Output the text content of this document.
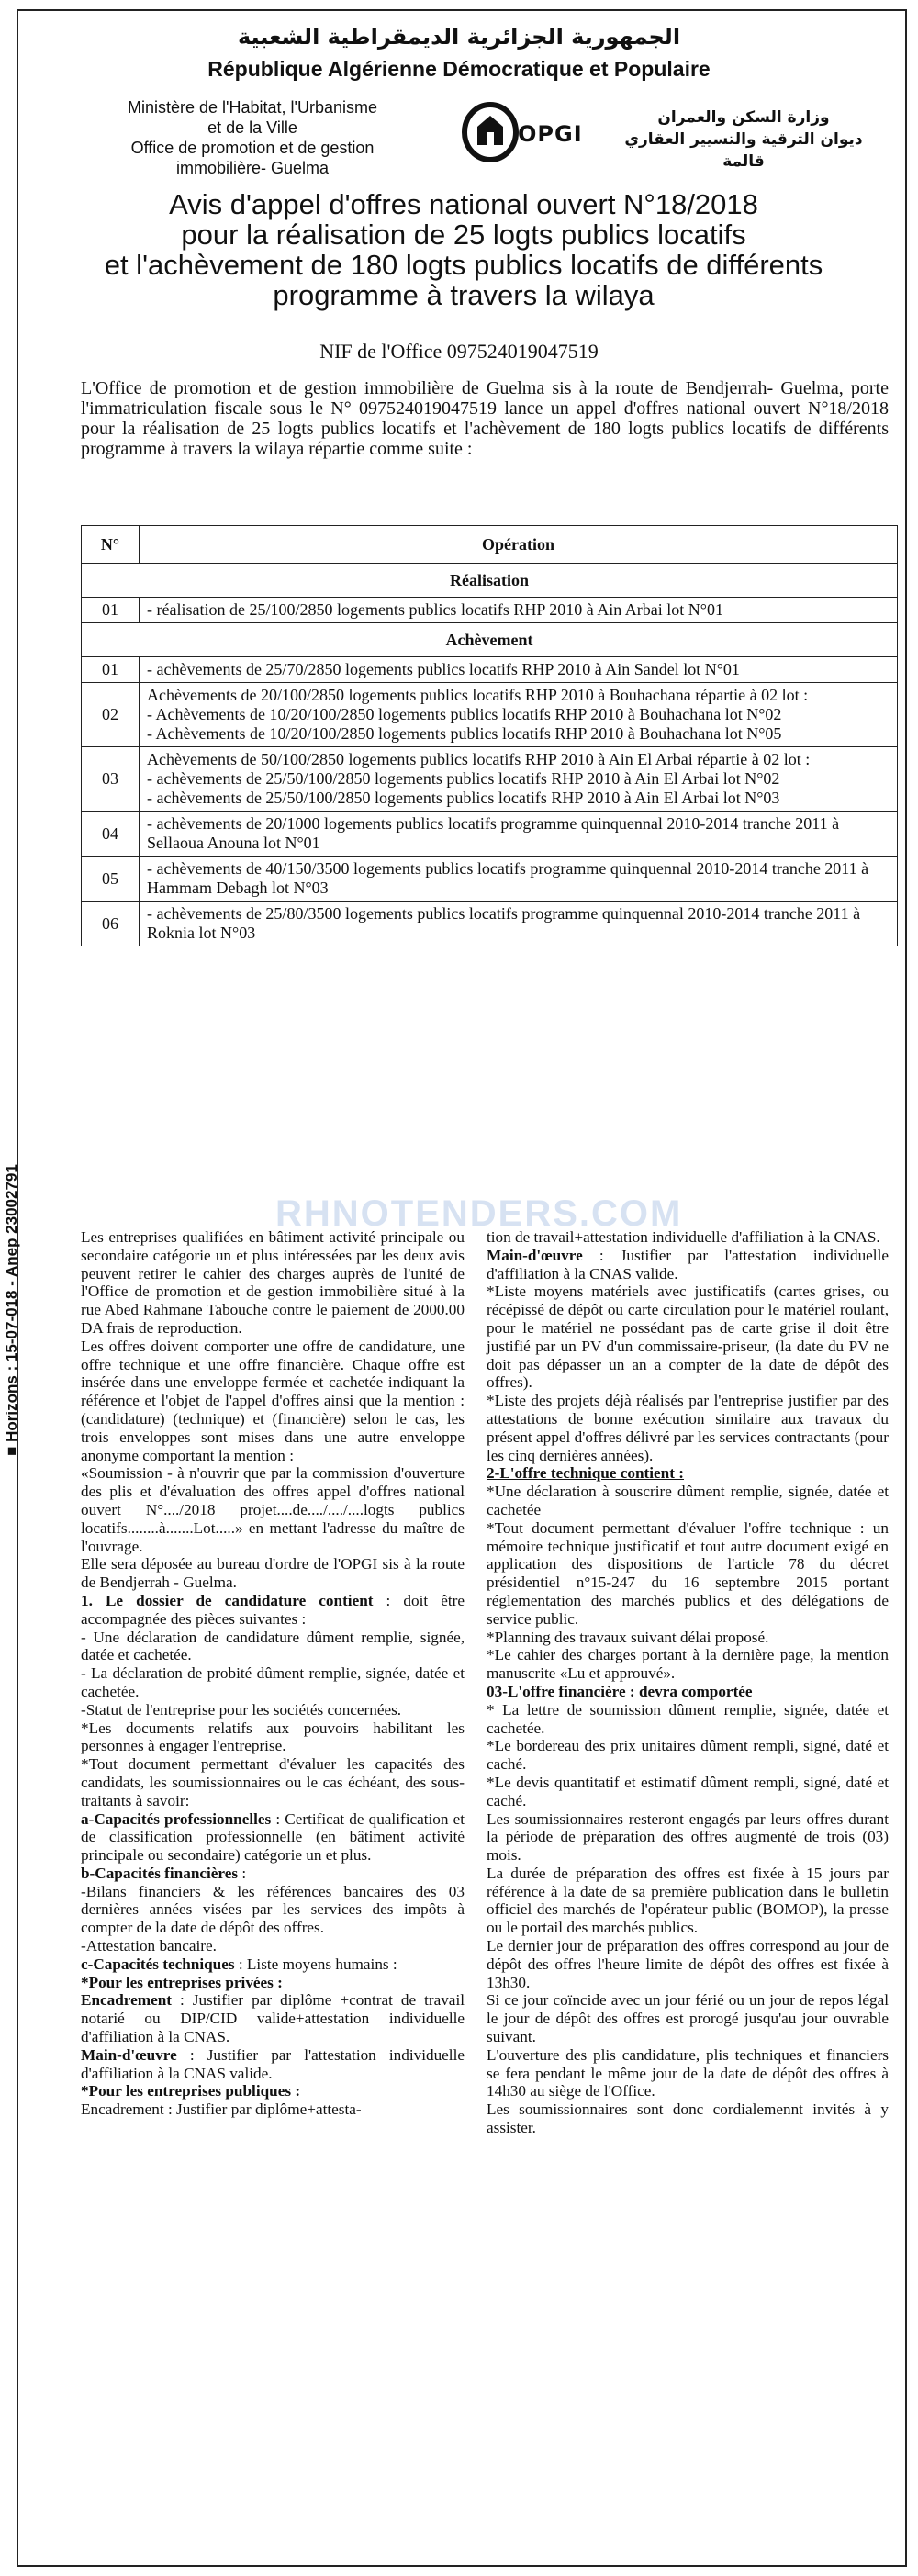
■ Horizons : 15-07-018 - Anep 23002791
الجمهورية الجزائرية الديمقراطية الشعبية
République Algérienne Démocratique et Populaire
Ministère de l'Habitat, l'Urbanisme
et de la Ville
Office de promotion et de gestion
immobilière- Guelma
OPGI
وزارة السكن والعمران
ديوان الترقية والتسيير العقاري
قالمة
Avis d'appel d'offres national ouvert N°18/2018
pour la réalisation de 25 logts publics locatifs
et l'achèvement de 180 logts publics locatifs de différents
programme à travers la wilaya
NIF de l'Office 097524019047519
L'Office de promotion et de gestion immobilière de Guelma sis à la route de Bendjerrah- Guelma, porte l'immatriculation fiscale sous le N° 097524019047519 lance un appel d'offres national ouvert N°18/2018 pour la réalisation de 25 logts publics locatifs et l'achèvement de 180 logts publics locatifs de différents programme à travers la wilaya répartie comme suite :
N°	Opération
Réalisation	
01	- réalisation de 25/100/2850 logements publics locatifs RHP 2010 à Ain Arbai lot N°01

Achèvement	
01	- achèvements de 25/70/2850 logements publics locatifs RHP 2010 à Ain Sandel lot N°01

02	Achèvements de 20/100/2850 logements publics locatifs RHP 2010 à Bouhachana répartie à 02 lot :
- Achèvements de 10/20/100/2850 logements publics locatifs RHP 2010 à Bouhachana lot N°02
- Achèvements de 10/20/100/2850 logements publics locatifs RHP 2010 à Bouhachana lot N°05

03	Achèvements de 50/100/2850 logements publics locatifs RHP 2010 à Ain El Arbai répartie à 02 lot :
- achèvements de 25/50/100/2850 logements publics locatifs RHP 2010 à Ain El Arbai lot N°02
- achèvements de 25/50/100/2850 logements publics locatifs RHP 2010 à Ain El Arbai lot N°03

04	- achèvements de 20/1000 logements publics locatifs programme quinquennal 2010-2014 tranche 2011 à Sellaoua Anouna lot N°01

05	- achèvements de 40/150/3500 logements publics locatifs programme quinquennal 2010-2014 tranche 2011 à Hammam Debagh lot N°03

06	- achèvements de 25/80/3500 logements publics locatifs programme quinquennal 2010-2014 tranche 2011 à Roknia lot N°03
RHNOTENDERS.COM

Les entreprises qualifiées en bâtiment activité principale ou secondaire catégorie un et plus intéressées par les deux avis peuvent retirer le cahier des charges auprès de l'unité de l'Office de promotion et de gestion immobilière situé à la rue Abed Rahmane Tabouche contre le paiement de 2000.00 DA frais de reproduction.

Les offres doivent comporter une offre de candidature, une offre technique et une offre financière. Chaque offre est insérée dans une enveloppe fermée et cachetée indiquant la référence et l'objet de l'appel d'offres ainsi que la mention : (candidature) (technique) et (financière) selon le cas, les trois enveloppes sont mises dans une autre enveloppe anonyme comportant la mention :

«Soumission - à n'ouvrir que par la commission d'ouverture des plis et d'évaluation des offres appel d'offres national ouvert N°..../2018 projet....de..../..../....logts publics locatifs........à.......Lot.....» en mettant l'adresse du maître de l'ouvrage.

Elle sera déposée au bureau d'ordre de l'OPGI sis à la route de Bendjerrah - Guelma.

1. Le dossier de candidature contient : doit être accompagnée des pièces suivantes :

- Une déclaration de candidature dûment remplie, signée, datée et cachetée.

- La déclaration de probité dûment remplie, signée, datée et cachetée.

-Statut de l'entreprise pour les sociétés concernées.

*Les documents relatifs aux pouvoirs habilitant les personnes à engager l'entreprise.

*Tout document permettant d'évaluer les capacités des candidats, les soumissionnaires ou le cas échéant, des sous-traitants à savoir:

a-Capacités professionnelles : Certificat de qualification et de classification professionnelle (en bâtiment activité principale ou secondaire) catégorie un et plus.

b-Capacités financières :

-Bilans financiers & les références bancaires des 03 dernières années visées par les services des impôts à compter de la date de dépôt des offres.

-Attestation bancaire.

c-Capacités techniques : Liste moyens humains :

*Pour les entreprises privées :

Encadrement : Justifier par diplôme +contrat de travail notarié ou DIP/CID valide+attestation individuelle d'affiliation à la CNAS.

Main-d'œuvre : Justifier par l'attestation individuelle d'affiliation à la CNAS valide.

*Pour les entreprises publiques :

Encadrement : Justifier par diplôme+attesta-

tion de travail+attestation individuelle d'affiliation à la CNAS.

Main-d'œuvre : Justifier par l'attestation individuelle d'affiliation à la CNAS valide.

*Liste moyens matériels avec justificatifs (cartes grises, ou récépissé de dépôt ou carte circulation pour le matériel roulant, pour le matériel ne possédant pas de carte grise il doit être justifié par un PV d'un commissaire-priseur, (la date du PV ne doit pas dépasser un an a compter de la date de dépôt des offres).

*Liste des projets déjà réalisés par l'entreprise justifier par des attestations de bonne exécution similaire aux travaux du présent appel d'offres délivré par les services contractants (pour les cinq dernières années).

2-L'offre technique contient :

*Une déclaration à souscrire dûment remplie, signée, datée et cachetée

*Tout document permettant d'évaluer l'offre technique : un mémoire technique justificatif et tout autre document exigé en application des dispositions de l'article 78 du décret présidentiel n°15-247 du 16 septembre 2015 portant réglementation des marchés publics et des délégations de service public.

*Planning des travaux suivant délai proposé.

*Le cahier des charges portant à la dernière page, la mention manuscrite «Lu et approuvé».

03-L'offre financière : devra comportée

* La lettre de soumission dûment remplie, signée, datée et cachetée.

*Le bordereau des prix unitaires dûment rempli, signé, daté et caché.

*Le devis quantitatif et estimatif dûment rempli, signé, daté et caché.

Les soumissionnaires resteront engagés par leurs offres durant la période de préparation des offres augmenté de trois (03) mois.

La durée de préparation des offres est fixée à 15 jours par référence à la date de sa première publication dans le bulletin officiel des marchés de l'opérateur public (BOMOP), la presse ou le portail des marchés publics.

Le dernier jour de préparation des offres correspond au jour de dépôt des offres l'heure limite de dépôt des offres est fixée à 13h30.

Si ce jour coïncide avec un jour férié ou un jour de repos légal le jour de dépôt des offres est prorogé jusqu'au jour ouvrable suivant.

L'ouverture des plis candidature, plis techniques et financiers se fera pendant le même jour de la date de dépôt des offres à 14h30 au siège de l'Office.

Les soumissionnaires sont donc cordialemennt invités à y assister.
